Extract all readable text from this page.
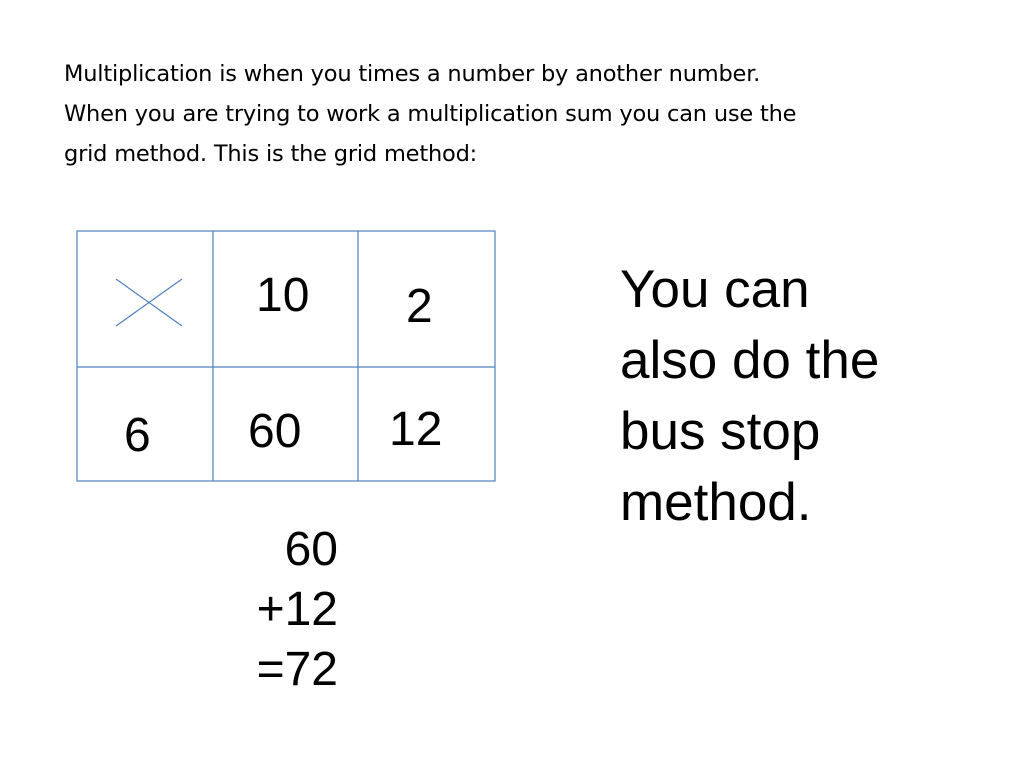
Multiplication is when you times a number by another number.

When you are trying to work a multiplication sum you can use the

grid method. This is the grid method:

10 2
6 60 12
60
+12
=72
You can
also do the
bus stop
method.
